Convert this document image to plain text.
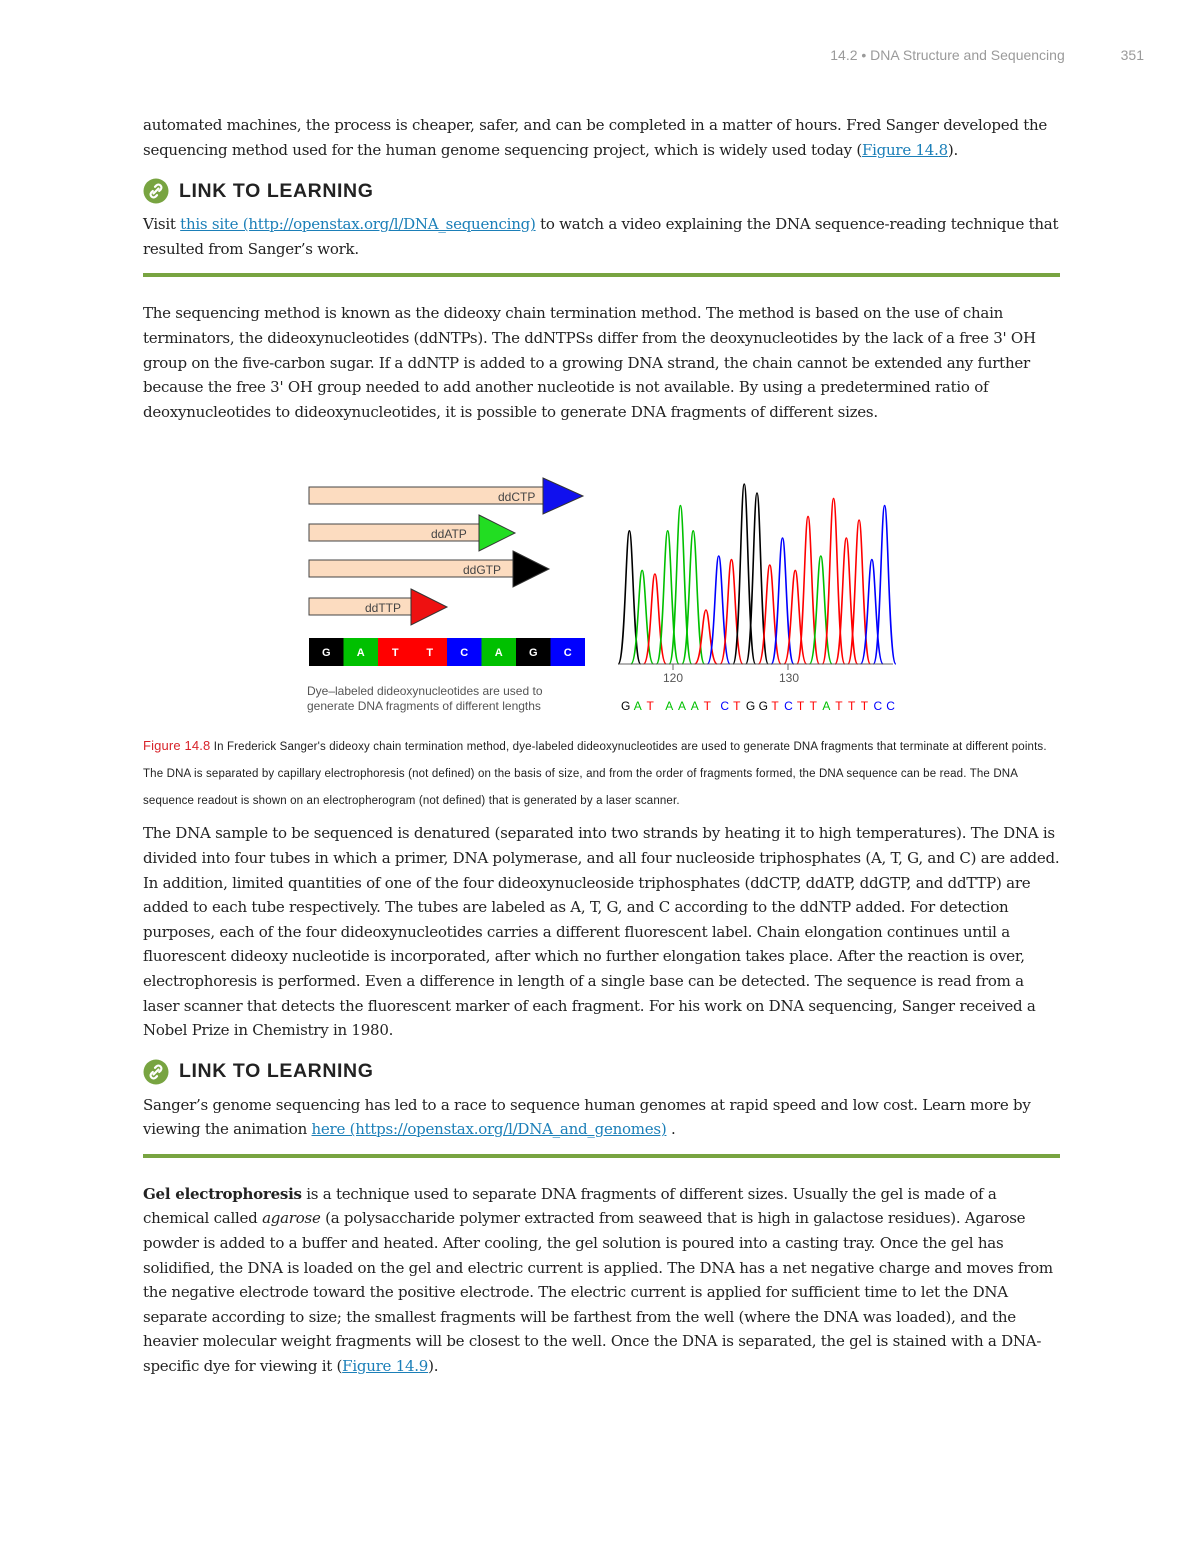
14.2 • DNA Structure and Sequencing	351

automated machines, the process is cheaper, safer, and can be completed in a matter of hours. Fred Sanger developed the sequencing method used for the human genome sequencing project, which is widely used today (Figure 14.8).

LINK TO LEARNING

Visit this site (http://openstax.org/l/DNA_sequencing) to watch a video explaining the DNA sequence-reading technique that resulted from Sanger’s work.

The sequencing method is known as the dideoxy chain termination method. The method is based on the use of chain terminators, the dideoxynucleotides (ddNTPs). The ddNTPSs differ from the deoxynucleotides by the lack of a free 3' OH group on the five-carbon sugar. If a ddNTP is added to a growing DNA strand, the chain cannot be extended any further because the free 3' OH group needed to add another nucleotide is not available. By using a predetermined ratio of deoxynucleotides to dideoxynucleotides, it is possible to generate DNA fragments of different sizes.

ddCTP
ddATP
ddGTP
ddTTP
G A T	T C A G C
Dye–labeled dideoxynucleotides are used to
generate DNA fragments of different lengths
120	130
G A T A A A T C T G G T C T T A T T T C C

Figure 14.8 In Frederick Sanger's dideoxy chain termination method, dye-labeled dideoxynucleotides are used to generate DNA fragments that terminate at different points. The DNA is separated by capillary electrophoresis (not defined) on the basis of size, and from the order of fragments formed, the DNA sequence can be read. The DNA sequence readout is shown on an electropherogram (not defined) that is generated by a laser scanner.

The DNA sample to be sequenced is denatured (separated into two strands by heating it to high temperatures). The DNA is divided into four tubes in which a primer, DNA polymerase, and all four nucleoside triphosphates (A, T, G, and C) are added. In addition, limited quantities of one of the four dideoxynucleoside triphosphates (ddCTP, ddATP, ddGTP, and ddTTP) are added to each tube respectively. The tubes are labeled as A, T, G, and C according to the ddNTP added. For detection purposes, each of the four dideoxynucleotides carries a different fluorescent label. Chain elongation continues until a fluorescent dideoxy nucleotide is incorporated, after which no further elongation takes place. After the reaction is over, electrophoresis is performed. Even a difference in length of a single base can be detected. The sequence is read from a laser scanner that detects the fluorescent marker of each fragment. For his work on DNA sequencing, Sanger received a Nobel Prize in Chemistry in 1980.

LINK TO LEARNING

Sanger’s genome sequencing has led to a race to sequence human genomes at rapid speed and low cost. Learn more by viewing the animation here (https://openstax.org/l/DNA_and_genomes) .

Gel electrophoresis is a technique used to separate DNA fragments of different sizes. Usually the gel is made of a chemical called agarose (a polysaccharide polymer extracted from seaweed that is high in galactose residues). Agarose powder is added to a buffer and heated. After cooling, the gel solution is poured into a casting tray. Once the gel has solidified, the DNA is loaded on the gel and electric current is applied. The DNA has a net negative charge and moves from the negative electrode toward the positive electrode. The electric current is applied for sufficient time to let the DNA separate according to size; the smallest fragments will be farthest from the well (where the DNA was loaded), and the heavier molecular weight fragments will be closest to the well. Once the DNA is separated, the gel is stained with a DNA-specific dye for viewing it (Figure 14.9).
